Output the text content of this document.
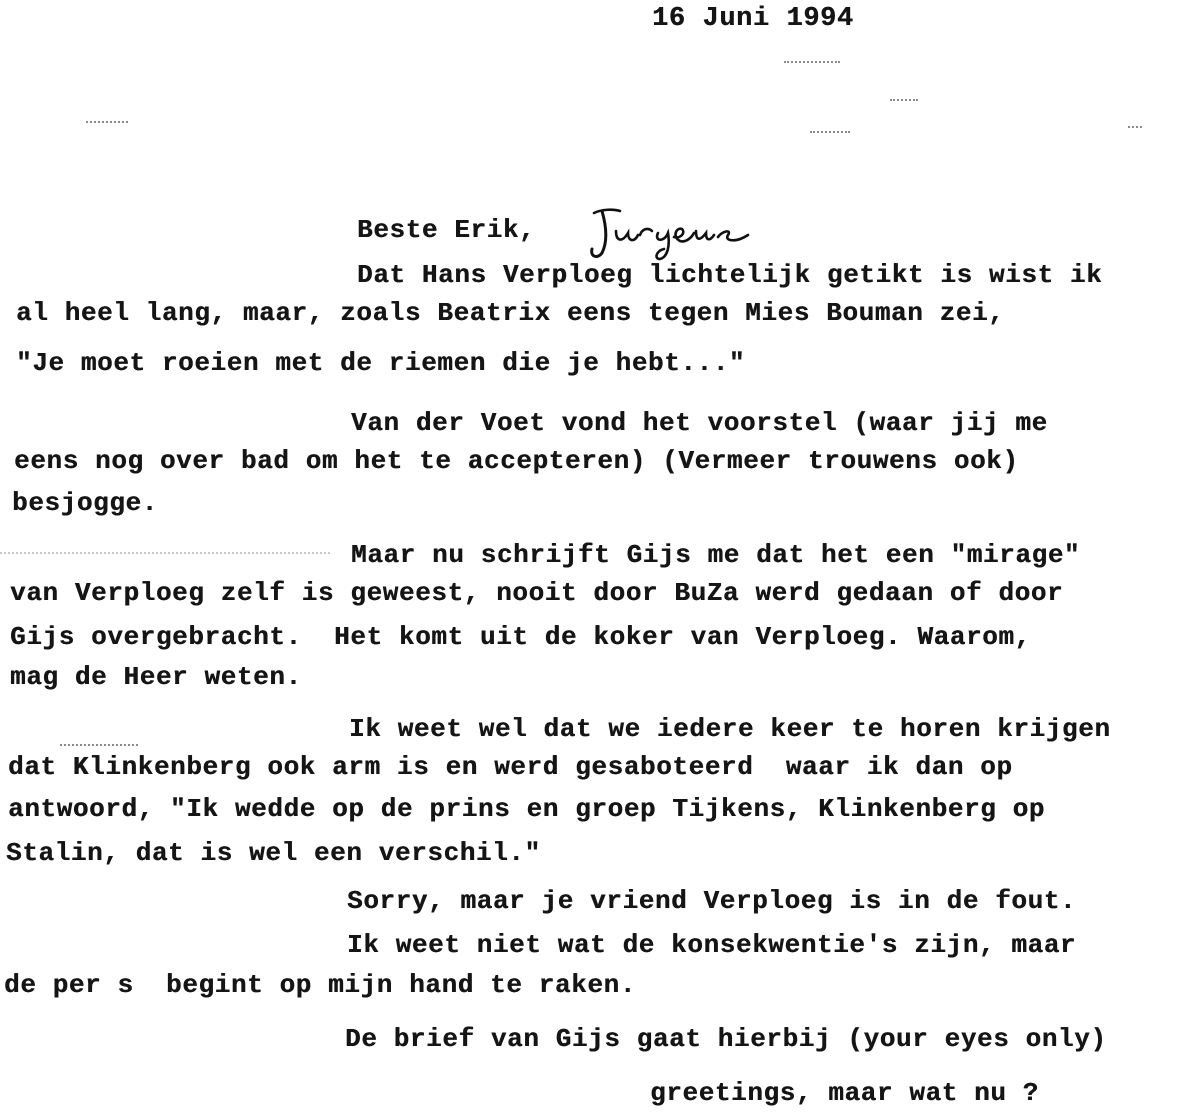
16 Juni 1994
Beste Erik,
Dat Hans Verploeg lichtelijk getikt is wist ik
al heel lang, maar, zoals Beatrix eens tegen Mies Bouman zei,
"Je moet roeien met de riemen die je hebt..."
Van der Voet vond het voorstel (waar jij me
eens nog over bad om het te accepteren) (Vermeer trouwens ook)
besjogge.
Maar nu schrijft Gijs me dat het een "mirage"
van Verploeg zelf is geweest, nooit door BuZa werd gedaan of door
Gijs overgebracht.  Het komt uit de koker van Verploeg. Waarom,
mag de Heer weten.
Ik weet wel dat we iedere keer te horen krijgen
dat Klinkenberg ook arm is en werd gesaboteerd  waar ik dan op
antwoord, "Ik wedde op de prins en groep Tijkens, Klinkenberg op
Stalin, dat is wel een verschil."
Sorry, maar je vriend Verploeg is in de fout.
Ik weet niet wat de konsekwentie's zijn, maar
de per s  begint op mijn hand te raken.
De brief van Gijs gaat hierbij (your eyes only)
greetings, maar wat nu ?
